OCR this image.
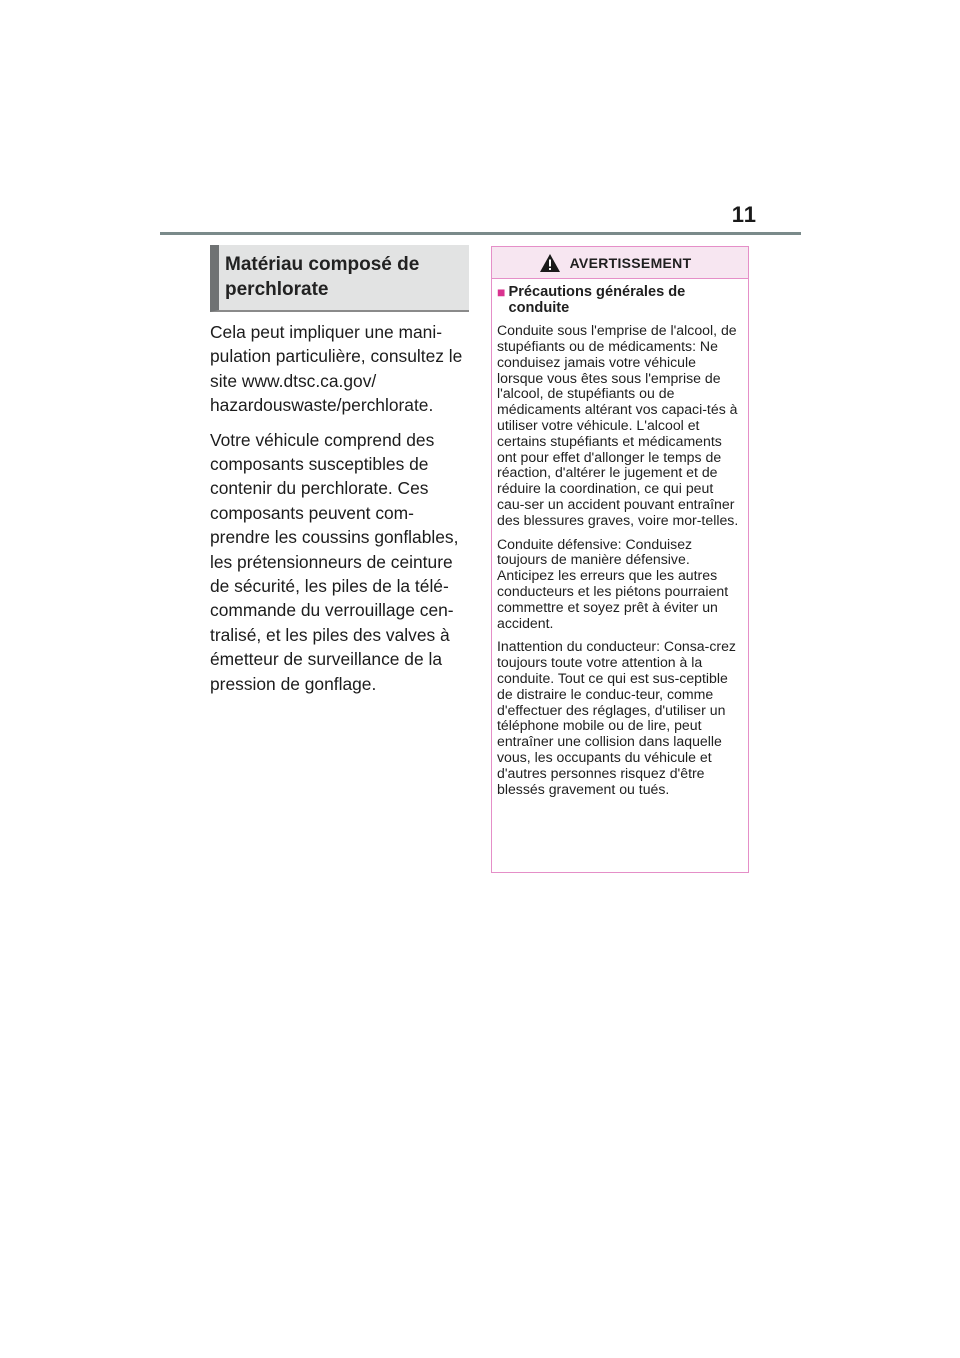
11
Matériau composé de perchlorate

Cela peut impliquer une mani-pulation particulière, consultez le site www.dtsc.ca.gov/ hazardouswaste/perchlorate.

Votre véhicule comprend des composants susceptibles de contenir du perchlorate. Ces composants peuvent com-prendre les coussins gonflables, les prétensionneurs de ceinture de sécurité, les piles de la télé-commande du verrouillage cen-tralisé, et les piles des valves à émetteur de surveillance de la pression de gonflage.

AVERTISSEMENT
■ Précautions générales de conduite

Conduite sous l'emprise de l'alcool, de stupéfiants ou de médicaments: Ne conduisez jamais votre véhicule lorsque vous êtes sous l'emprise de l'alcool, de stupéfiants ou de médicaments altérant vos capaci-tés à utiliser votre véhicule. L'alcool et certains stupéfiants et médicaments ont pour effet d'allonger le temps de réaction, d'altérer le jugement et de réduire la coordination, ce qui peut cau-ser un accident pouvant entraîner des blessures graves, voire mor-telles.

Conduite défensive: Conduisez toujours de manière défensive. Anticipez les erreurs que les autres conducteurs et les piétons pourraient commettre et soyez prêt à éviter un accident.

Inattention du conducteur: Consa-crez toujours toute votre attention à la conduite. Tout ce qui est sus-ceptible de distraire le conduc-teur, comme d'effectuer des réglages, d'utiliser un téléphone mobile ou de lire, peut entraîner une collision dans laquelle vous, les occupants du véhicule et d'autres personnes risquez d'être blessés gravement ou tués.
